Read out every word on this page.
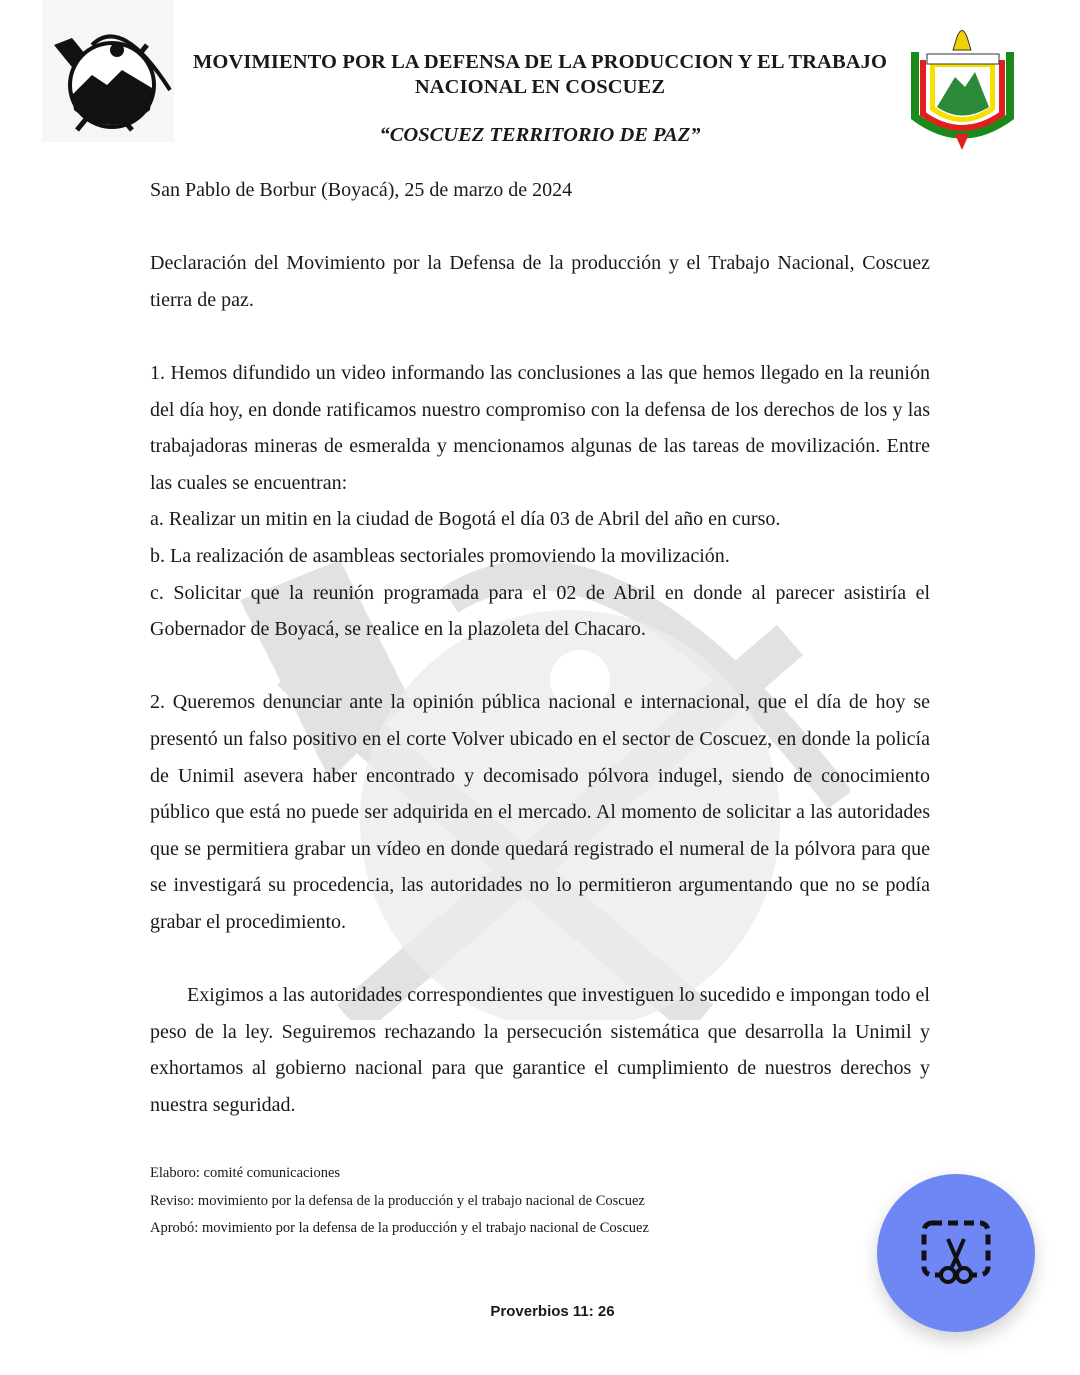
MOVIMIENTO POR LA DEFENSA DE LA PRODUCCION Y EL TRABAJO
NACIONAL EN COSCUEZ
“COSCUEZ TERRITORIO DE PAZ”

San Pablo de Borbur (Boyacá), 25 de marzo de 2024

Declaración del Movimiento por la Defensa de la producción y el Trabajo Nacional, Coscuez tierra de paz.

1. Hemos difundido un video informando las conclusiones a las que hemos llegado en la reunión del día hoy, en donde ratificamos nuestro compromiso con la defensa de los derechos de los y las trabajadoras mineras de esmeralda y mencionamos algunas de las tareas de movilización. Entre las cuales se encuentran:

a. Realizar un mitin en la ciudad de Bogotá el día 03 de Abril del año en curso.

b. La realización de asambleas sectoriales promoviendo la movilización.

c. Solicitar que la reunión programada para el 02 de Abril en donde al parecer asistiría el Gobernador de Boyacá, se realice en la plazoleta del Chacaro.

2. Queremos denunciar ante la opinión pública nacional e internacional, que el día de hoy se presentó un falso positivo en el corte Volver ubicado en el sector de Coscuez, en donde la policía de Unimil asevera haber encontrado y decomisado pólvora indugel, siendo de conocimiento público que está no puede ser adquirida en el mercado. Al momento de solicitar a las autoridades que se permitiera grabar un vídeo en donde quedará registrado el numeral de la pólvora para que se investigará su procedencia, las autoridades no lo permitieron argumentando que no se podía grabar el procedimiento.

Exigimos a las autoridades correspondientes que investiguen lo sucedido e impongan todo el peso de la ley. Seguiremos rechazando la persecución sistemática que desarrolla la Unimil y exhortamos al gobierno nacional para que garantice el cumplimiento de nuestros derechos y nuestra seguridad.

Elaboro: comité comunicaciones
Reviso: movimiento por la defensa de la producción y el trabajo nacional de Coscuez
Aprobó: movimiento por la defensa de la producción y el trabajo nacional de Coscuez
Proverbios 11: 26
